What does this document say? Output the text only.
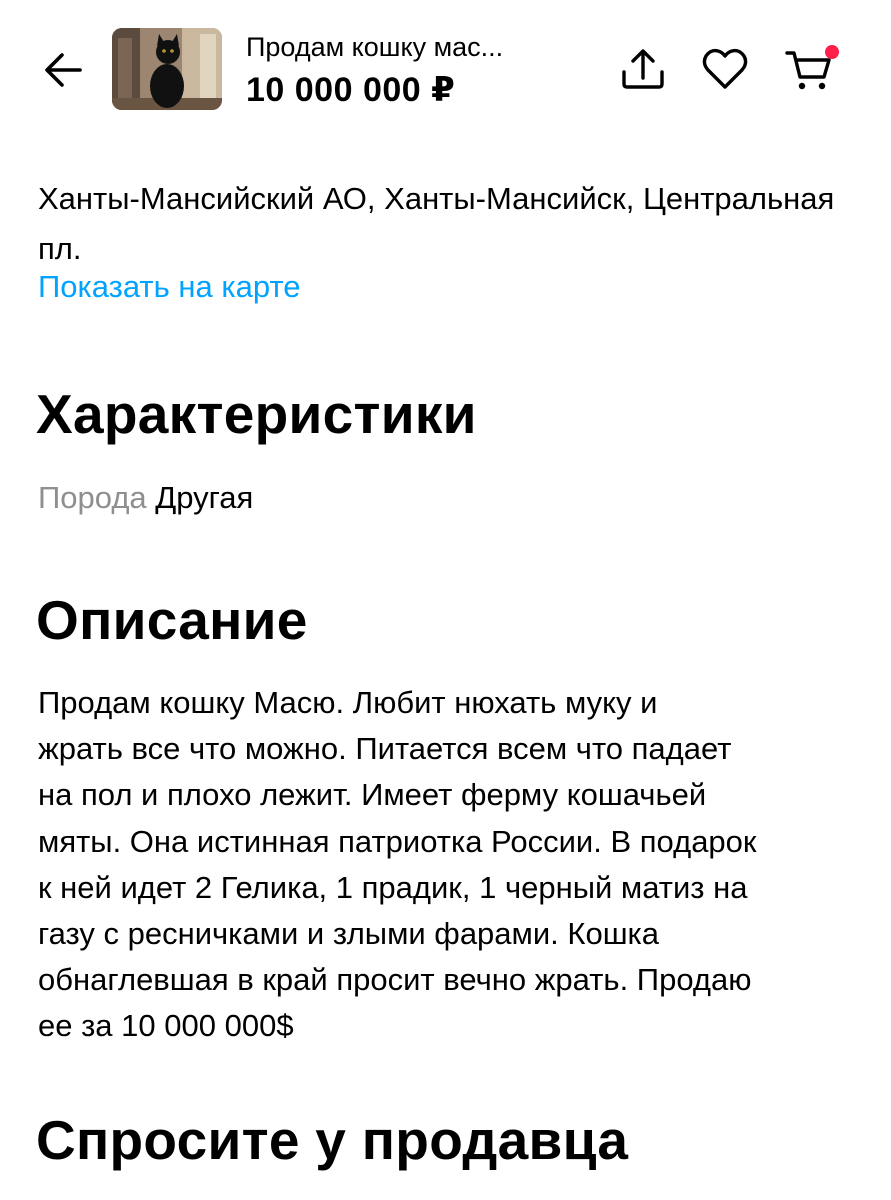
Продам кошку мас...
10 000 000 ₽
Ханты-Мансийский АО, Ханты-Мансийск, Центральная пл.
Показать на карте
Характеристики
Порода Другая
Описание
Продам кошку Масю. Любит нюхать муку и
жрать все что можно. Питается всем что падает
на пол и плохо лежит. Имеет ферму кошачьей
мяты. Она истинная патриотка России. В подарок
к ней идет 2 Гелика, 1 прадик, 1 черный матиз на
газу с ресничками и злыми фарами. Кошка
обнаглевшая в край просит вечно жрать. Продаю
ее за 10 000 000$
Спросите у продавца
